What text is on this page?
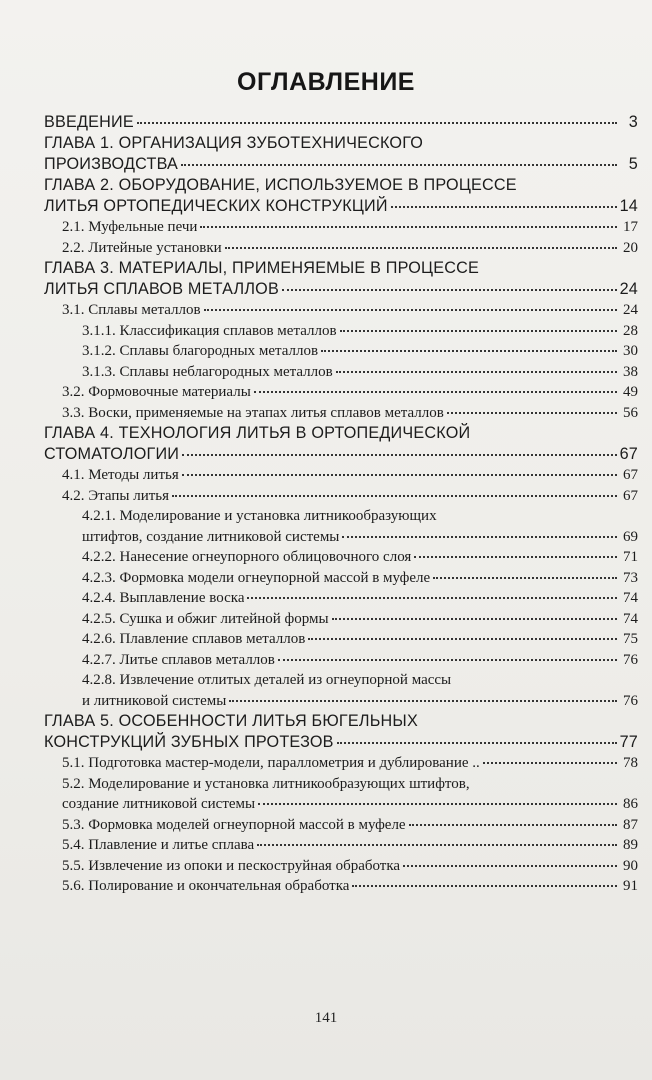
ОГЛАВЛЕНИЕ
ВВЕДЕНИЕ	3
ГЛАВА 1. ОРГАНИЗАЦИЯ ЗУБОТЕХНИЧЕСКОГО
ПРОИЗВОДСТВА	5
ГЛАВА 2. ОБОРУДОВАНИЕ, ИСПОЛЬЗУЕМОЕ В ПРОЦЕССЕ
ЛИТЬЯ ОРТОПЕДИЧЕСКИХ КОНСТРУКЦИЙ	14
2.1. Муфельные печи	17
2.2. Литейные установки	20
ГЛАВА 3. МАТЕРИАЛЫ, ПРИМЕНЯЕМЫЕ В ПРОЦЕССЕ
ЛИТЬЯ СПЛАВОВ МЕТАЛЛОВ	24
3.1. Сплавы металлов	24
3.1.1. Классификация сплавов металлов	28
3.1.2. Сплавы благородных металлов	30
3.1.3. Сплавы неблагородных металлов	38
3.2. Формовочные материалы	49
3.3. Воски, применяемые на этапах литья сплавов металлов	56
ГЛАВА 4. ТЕХНОЛОГИЯ ЛИТЬЯ В ОРТОПЕДИЧЕСКОЙ
СТОМАТОЛОГИИ	67
4.1. Методы литья	67
4.2. Этапы литья	67
4.2.1. Моделирование и установка литникообразующих
штифтов, создание литниковой системы	69
4.2.2. Нанесение огнеупорного облицовочного слоя	71
4.2.3. Формовка модели огнеупорной массой в муфеле	73
4.2.4. Выплавление воска	74
4.2.5. Сушка и обжиг литейной формы	74
4.2.6. Плавление сплавов металлов	75
4.2.7. Литье сплавов металлов	76
4.2.8. Извлечение отлитых деталей из огнеупорной массы
и литниковой системы	76
ГЛАВА 5. ОСОБЕННОСТИ ЛИТЬЯ БЮГЕЛЬНЫХ
КОНСТРУКЦИЙ ЗУБНЫХ ПРОТЕЗОВ	77
5.1. Подготовка мастер-модели, параллометрия и дублирование ..	78
5.2. Моделирование и установка литникообразующих штифтов,
создание литниковой системы	86
5.3. Формовка моделей огнеупорной массой в муфеле	87
5.4. Плавление и литье сплава	89
5.5. Извлечение из опоки и пескоструйная обработка	90
5.6. Полирование и окончательная обработка	91
141
